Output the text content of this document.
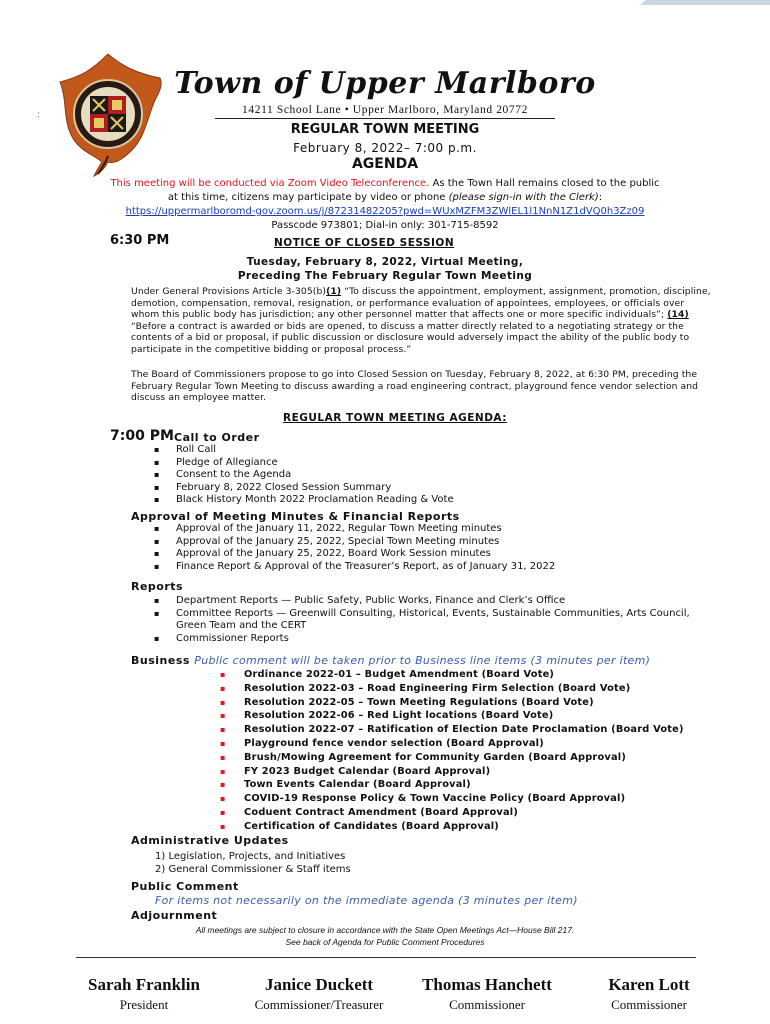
:
Town of Upper Marlboro
14211 School Lane • Upper Marlboro, Maryland 20772
REGULAR TOWN MEETING
February 8, 2022– 7:00 p.m.
AGENDA
This meeting will be conducted via Zoom Video Teleconference. As the Town Hall remains closed to the public at this time, citizens may participate by video or phone (please sign-in with the Clerk):
https://uppermarlboromd-gov.zoom.us/j/87231482205?pwd=WUxMZFM3ZWlEL1l1NnN1Z1dVQ0h3Zz09
Passcode 973801; Dial-in only: 301-715-8592
6:30 PM	NOTICE OF CLOSED SESSION
Tuesday, February 8, 2022, Virtual Meeting,
Preceding The February Regular Town Meeting
Under General Provisions Article 3-305(b)(1) “To discuss the appointment, employment, assignment, promotion, discipline, demotion, compensation, removal, resignation, or performance evaluation of appointees, employees, or officials over whom this public body has jurisdiction; any other personnel matter that affects one or more specific individuals”; (14) “Before a contract is awarded or bids are opened, to discuss a matter directly related to a negotiating strategy or the contents of a bid or proposal, if public discussion or disclosure would adversely impact the ability of the public body to participate in the competitive bidding or proposal process.”
The Board of Commissioners propose to go into Closed Session on Tuesday, February 8, 2022, at 6:30 PM, preceding the February Regular Town Meeting to discuss awarding a road engineering contract, playground fence vendor selection and discuss an employee matter.
REGULAR TOWN MEETING AGENDA:
7:00 PM Call to Order
▪ Roll Call
▪ Pledge of Allegiance
▪ Consent to the Agenda
▪ February 8, 2022 Closed Session Summary
▪ Black History Month 2022 Proclamation Reading & Vote
Approval of Meeting Minutes & Financial Reports
▪ Approval of the January 11, 2022, Regular Town Meeting minutes
▪ Approval of the January 25, 2022, Special Town Meeting minutes
▪ Approval of the January 25, 2022, Board Work Session minutes
▪ Finance Report & Approval of the Treasurer’s Report, as of January 31, 2022
Reports
▪ Department Reports — Public Safety, Public Works, Finance and Clerk’s Office
▪ Committee Reports — Greenwill Consulting, Historical, Events, Sustainable Communities, Arts Council, Green Team and the CERT
▪ Commissioner Reports
Business Public comment will be taken prior to Business line items (3 minutes per item)
▪ Ordinance 2022-01 – Budget Amendment (Board Vote)
▪ Resolution 2022-03 – Road Engineering Firm Selection (Board Vote)
▪ Resolution 2022-05 – Town Meeting Regulations (Board Vote)
▪ Resolution 2022-06 – Red Light locations (Board Vote)
▪ Resolution 2022-07 – Ratification of Election Date Proclamation (Board Vote)
▪ Playground fence vendor selection (Board Approval)
▪ Brush/Mowing Agreement for Community Garden (Board Approval)
▪ FY 2023 Budget Calendar (Board Approval)
▪ Town Events Calendar (Board Approval)
▪ COVID-19 Response Policy & Town Vaccine Policy (Board Approval)
▪ Coduent Contract Amendment (Board Approval)
▪ Certification of Candidates (Board Approval)
Administrative Updates
1) Legislation, Projects, and Initiatives
2) General Commissioner & Staff items
Public Comment
For items not necessarily on the immediate agenda (3 minutes per item)
Adjournment
All meetings are subject to closure in accordance with the State Open Meetings Act—House Bill 217.
See back of Agenda for Public Comment Procedures
Sarah Franklin
President
Janice Duckett
Commissioner/Treasurer
Thomas Hanchett
Commissioner
Karen Lott
Commissioner
